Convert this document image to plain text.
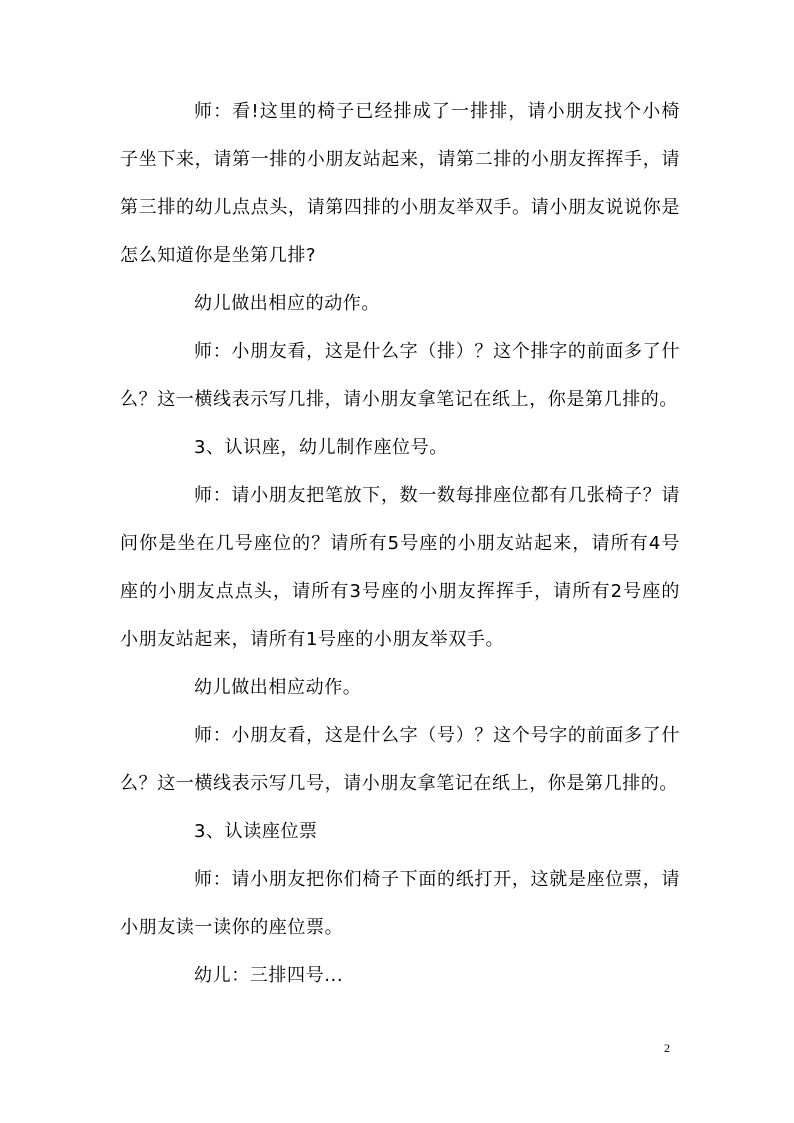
师：看!这里的椅子已经排成了一排排，请小朋友找个小椅子坐下来，请第一排的小朋友站起来，请第二排的小朋友挥挥手，请第三排的幼儿点点头，请第四排的小朋友举双手。请小朋友说说你是怎么知道你是坐第几排?

幼儿做出相应的动作。

师：小朋友看，这是什么字（排）？这个排字的前面多了什么？这一横线表示写几排，请小朋友拿笔记在纸上，你是第几排的。

3、认识座，幼儿制作座位号。

师：请小朋友把笔放下，数一数每排座位都有几张椅子？请问你是坐在几号座位的？请所有5号座的小朋友站起来，请所有4号座的小朋友点点头，请所有3号座的小朋友挥挥手，请所有2号座的小朋友站起来，请所有1号座的小朋友举双手。

幼儿做出相应动作。

师：小朋友看，这是什么字（号）？这个号字的前面多了什么？这一横线表示写几号，请小朋友拿笔记在纸上，你是第几排的。

3、认读座位票

师：请小朋友把你们椅子下面的纸打开，这就是座位票，请小朋友读一读你的座位票。

幼儿：三排四号...

2
